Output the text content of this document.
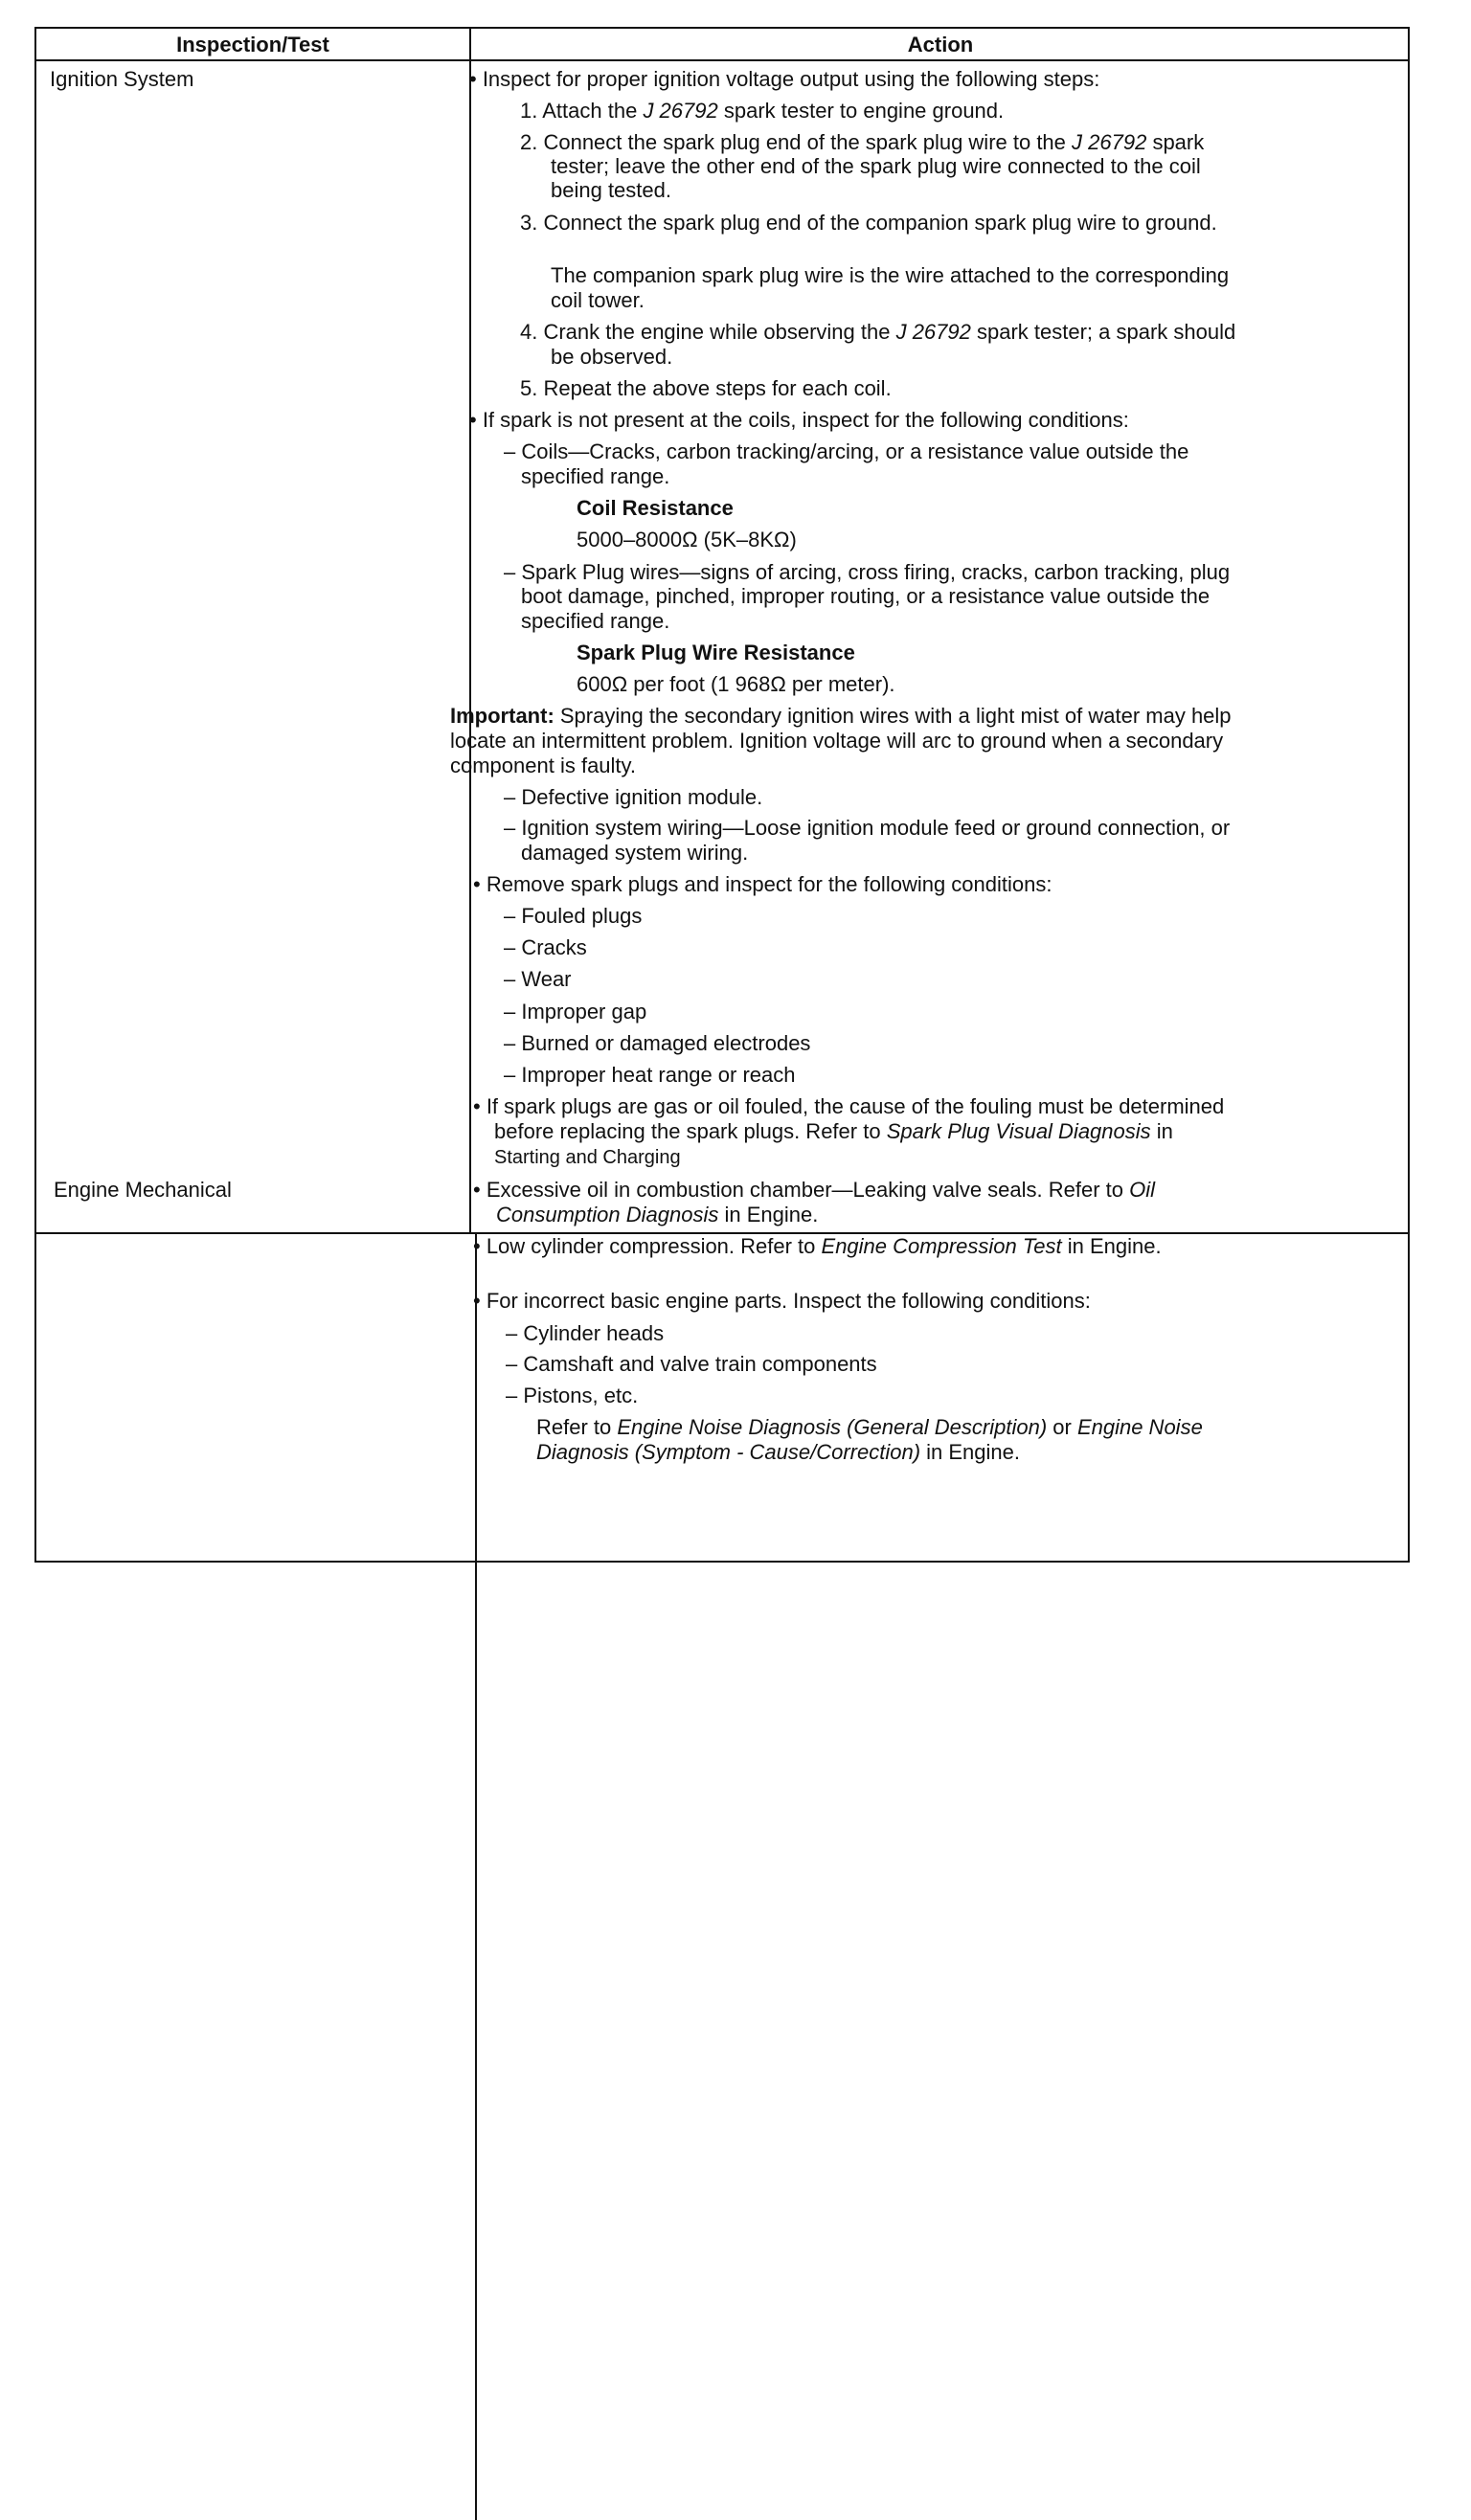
Inspection/Test	Action
Ignition System	• Inspect for proper ignition voltage output using the following steps:
1. Attach the J 26792 spark tester to engine ground.
2. Connect the spark plug end of the spark plug wire to the J 26792 spark
tester; leave the other end of the spark plug wire connected to the coil
being tested.
3. Connect the spark plug end of the companion spark plug wire to ground.
The companion spark plug wire is the wire attached to the corresponding
coil tower.
4. Crank the engine while observing the J 26792 spark tester; a spark should
be observed.
5. Repeat the above steps for each coil.
• If spark is not present at the coils, inspect for the following conditions:
– Coils—Cracks, carbon tracking/arcing, or a resistance value outside the
specified range.
Coil Resistance
5000–8000Ω (5K–8KΩ)
– Spark Plug wires—signs of arcing, cross firing, cracks, carbon tracking, plug
boot damage, pinched, improper routing, or a resistance value outside the
specified range.
Spark Plug Wire Resistance
600Ω per foot (1 968Ω per meter).
Important: Spraying the secondary ignition wires with a light mist of water may help
locate an intermittent problem. Ignition voltage will arc to ground when a secondary
component is faulty.
– Defective ignition module.
– Ignition system wiring—Loose ignition module feed or ground connection, or
damaged system wiring.
• Remove spark plugs and inspect for the following conditions:
– Fouled plugs
– Cracks
– Wear
– Improper gap
– Burned or damaged electrodes
– Improper heat range or reach
• If spark plugs are gas or oil fouled, the cause of the fouling must be determined
before replacing the spark plugs. Refer to Spark Plug Visual Diagnosis in
Starting and Charging
Engine Mechanical	• Excessive oil in combustion chamber—Leaking valve seals. Refer to Oil
Consumption Diagnosis in Engine.
• Low cylinder compression. Refer to Engine Compression Test in Engine.
• For incorrect basic engine parts. Inspect the following conditions:
– Cylinder heads
– Camshaft and valve train components
– Pistons, etc.
Refer to Engine Noise Diagnosis (General Description) or Engine Noise
Diagnosis (Symptom - Cause/Correction) in Engine.
